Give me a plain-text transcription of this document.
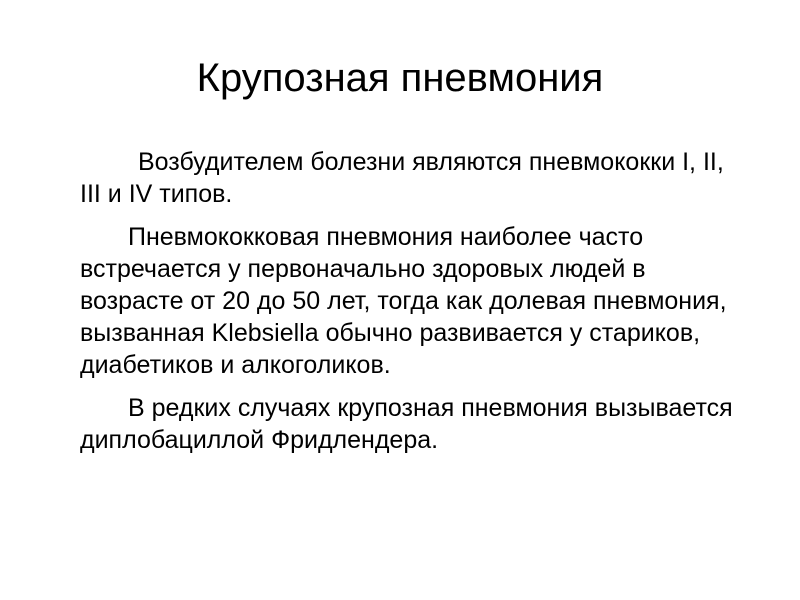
Крупозная пневмония

Возбудителем болезни являются пневмококки I, II, III и IV типов.

Пневмококковая пневмония наиболее часто встречается у первоначально здоровых людей в возрасте от 20 до 50 лет, тогда как долевая пневмония, вызванная Klebsiella обычно развивается у стариков, диабетиков и алкоголиков.

В редких случаях крупозная пневмония вызывается диплобациллой Фридлендера.
